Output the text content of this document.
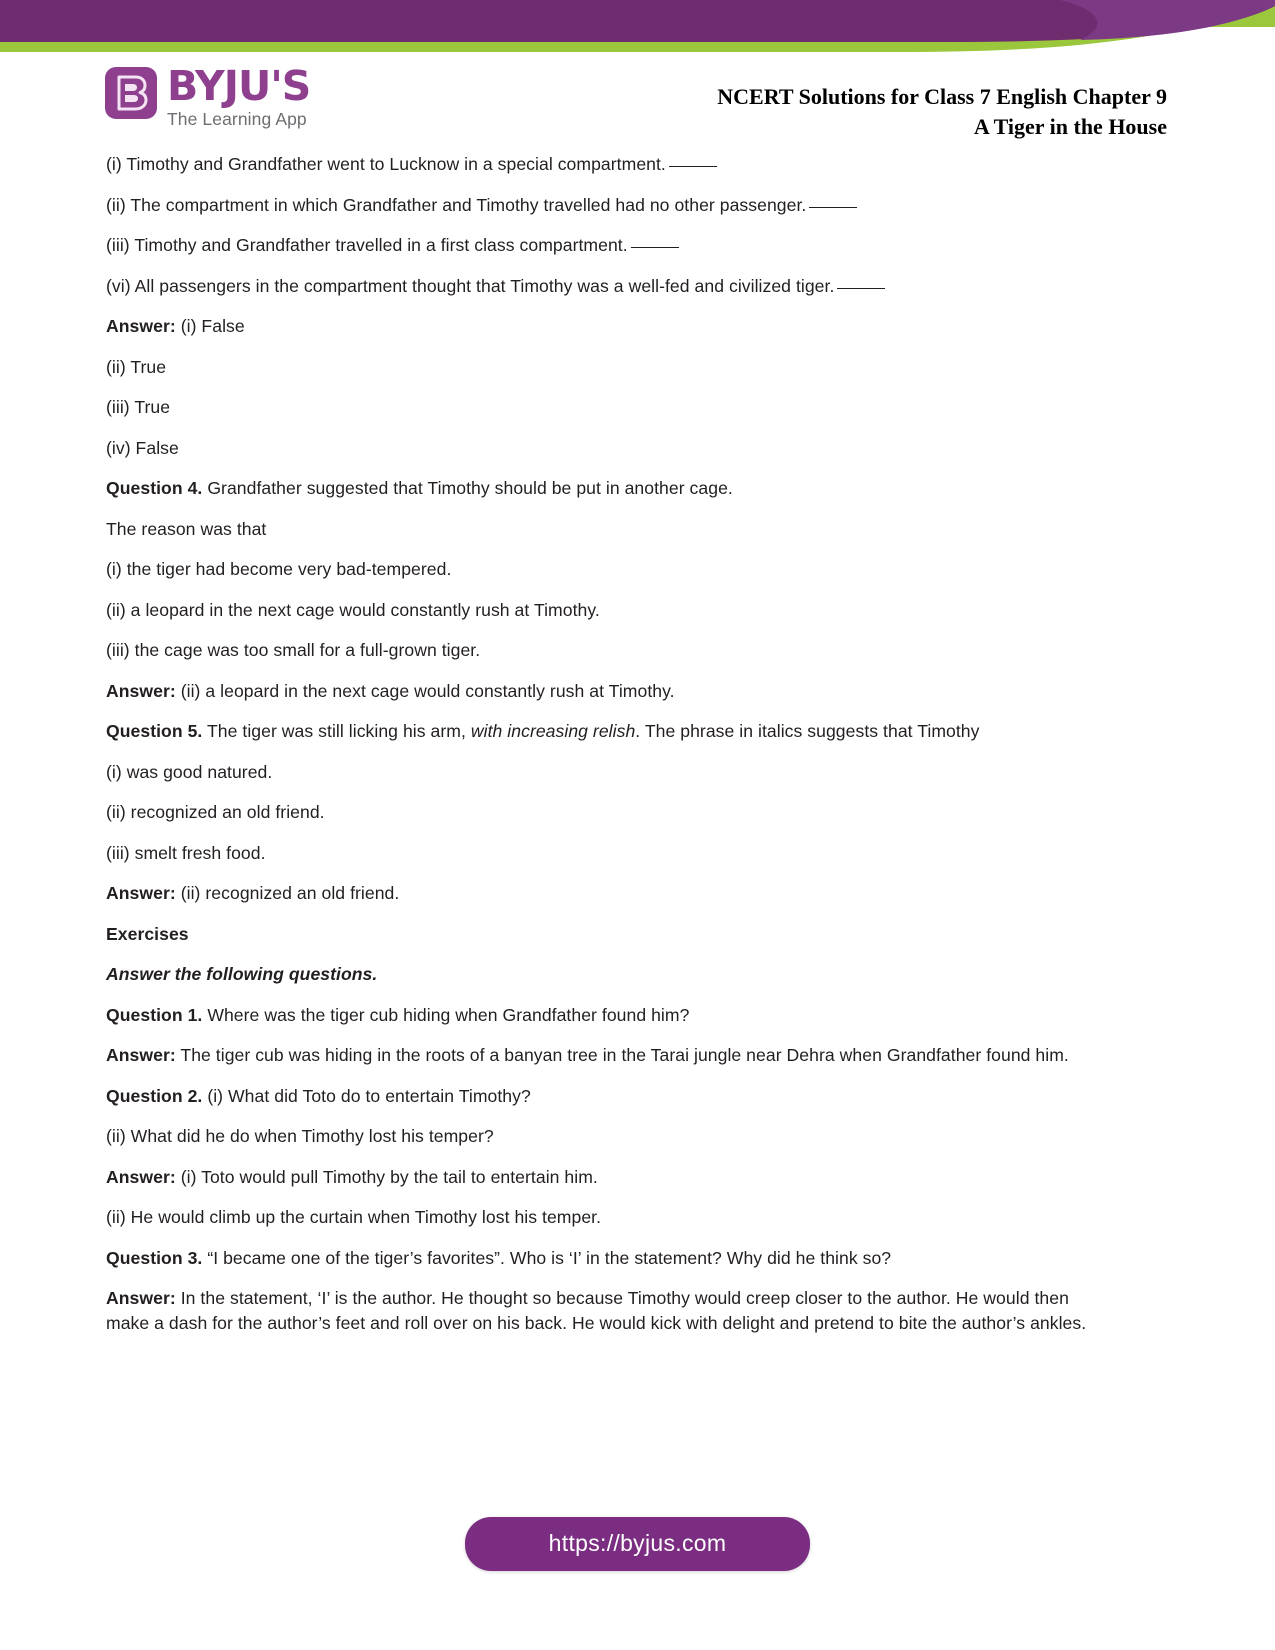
BYJU'S
The Learning App
NCERT Solutions for Class 7 English Chapter 9
A Tiger in the House

(i) Timothy and Grandfather went to Lucknow in a special compartment.

(ii) The compartment in which Grandfather and Timothy travelled had no other passenger.

(iii) Timothy and Grandfather travelled in a first class compartment.

(vi) All passengers in the compartment thought that Timothy was a well-fed and civilized tiger.

Answer: (i) False

(ii) True

(iii) True

(iv) False

Question 4. Grandfather suggested that Timothy should be put in another cage.

The reason was that

(i) the tiger had become very bad-tempered.

(ii) a leopard in the next cage would constantly rush at Timothy.

(iii) the cage was too small for a full-grown tiger.

Answer: (ii) a leopard in the next cage would constantly rush at Timothy.

Question 5. The tiger was still licking his arm, with increasing relish. The phrase in italics suggests that Timothy

(i) was good natured.

(ii) recognized an old friend.

(iii) smelt fresh food.

Answer: (ii) recognized an old friend.

Exercises

Answer the following questions.

Question 1. Where was the tiger cub hiding when Grandfather found him?

Answer: The tiger cub was hiding in the roots of a banyan tree in the Tarai jungle near Dehra when Grandfather found him.

Question 2. (i) What did Toto do to entertain Timothy?

(ii) What did he do when Timothy lost his temper?

Answer: (i) Toto would pull Timothy by the tail to entertain him.

(ii) He would climb up the curtain when Timothy lost his temper.

Question 3. “I became one of the tiger’s favorites”. Who is ‘I’ in the statement? Why did he think so?

Answer: In the statement, ‘I’ is the author. He thought so because Timothy would creep closer to the author. He would then make a dash for the author’s feet and roll over on his back. He would kick with delight and pretend to bite the author’s ankles.

https://byjus.com
